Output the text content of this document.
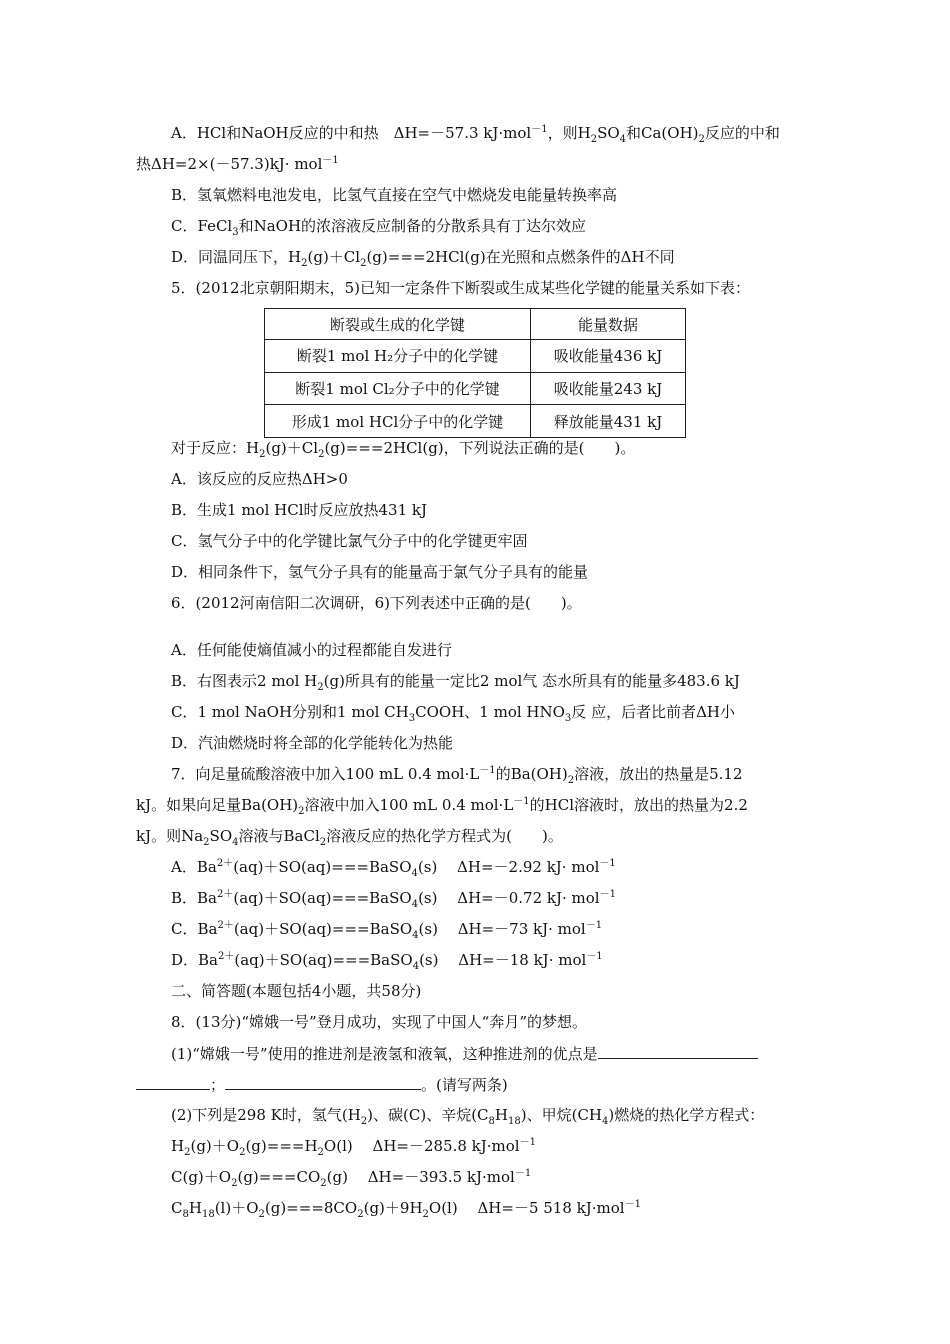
A．HCl和NaOH反应的中和热　ΔH=－57.3 kJ·mol$^{-1}$，则$H_2SO_4$和$Ca(OH)_2$反应的中和
热ΔH=2×(－57.3)kJ· mol$^{-1}$
B．氢氧燃料电池发电，比氢气直接在空气中燃烧发电能量转换率高
C．FeCl$_3$和NaOH的浓溶液反应制备的分散系具有丁达尔效应
D．同温同压下，$H_2(g)+Cl_2(g)===2HCl(g)$在光照和点燃条件的ΔH不同
5．(2012北京朝阳期末，5)已知一定条件下断裂或生成某些化学键的能量关系如下表：
断裂或生成的化学键	能量数据
断裂1 mol H₂分子中的化学键	吸收能量436 kJ
断裂1 mol Cl₂分子中的化学键	吸收能量243 kJ
形成1 mol HCl分子中的化学键	释放能量431 kJ
对于反应：$H_2(g)+Cl_2(g)===2HCl(g)$，下列说法正确的是( )。
A．该反应的反应热ΔH>0
B．生成1 mol HCl时反应放热431 kJ
C．氢气分子中的化学键比氯气分子中的化学键更牢固
D．相同条件下，氢气分子具有的能量高于氯气分子具有的能量
6．(2012河南信阳二次调研，6)下列表述中正确的是( )。
A．任何能使熵值减小的过程都能自发进行
B．右图表示2 mol $H_2(g)$所具有的能量一定比2 mol气 态水所具有的能量多483.6 kJ
C．1 mol NaOH分别和1 mol $CH_3COOH$、1 mol $HNO_3$反 应，后者比前者ΔH小
D．汽油燃烧时将全部的化学能转化为热能
7．向足量硫酸溶液中加入100 mL 0.4 $mol\cdot L^{-1}$的$Ba(OH)_2$溶液，放出的热量是5.12
kJ。如果向足量$Ba(OH)_2$溶液中加入100 mL 0.4 $mol\cdot L^{-1}$的HCl溶液时，放出的热量为2.2
kJ。则$Na_2SO_4$溶液与BaCl$_2$溶液反应的热化学方程式为( )。
A．$Ba^{2+}(aq)+SO(aq)===BaSO_4(s)$　 ΔH=－2.92 kJ· mol$^{-1}$
B．$Ba^{2+}(aq)+SO(aq)===BaSO_4(s)$　 ΔH=－0.72 kJ· mol$^{-1}$
C．$Ba^{2+}(aq)+SO(aq)===BaSO_4(s)$　 ΔH=－73 kJ· mol$^{-1}$
D．$Ba^{2+}(aq)+SO(aq)===BaSO_4(s)$　 ΔH=－18 kJ· mol$^{-1}$
二、简答题(本题包括4小题，共58分)
8．(13分)“嫦娥一号”登月成功，实现了中国人“奔月”的梦想。
(1)“嫦娥一号”使用的推进剂是液氢和液氧，这种推进剂的优点是
；	。(请写两条)
(2)下列是298 K时，氢气$(H_2)$、碳(C)、辛烷$(C_8H_{18})$、甲烷$(CH_4)$燃烧的热化学方程式：
$H_2(g)+O_2(g)===H_2O(l)$　 ΔH=－285.8 kJ·mol$^{-1}$
$C(g)+O_2(g)===CO_2(g)$　 ΔH=－393.5 kJ·mol$^{-1}$
$C_8H_{18}(l)+O_2(g)===8CO_2(g)+9H_2O(l)$　 ΔH=－5 518 kJ·mol$^{-1}$
